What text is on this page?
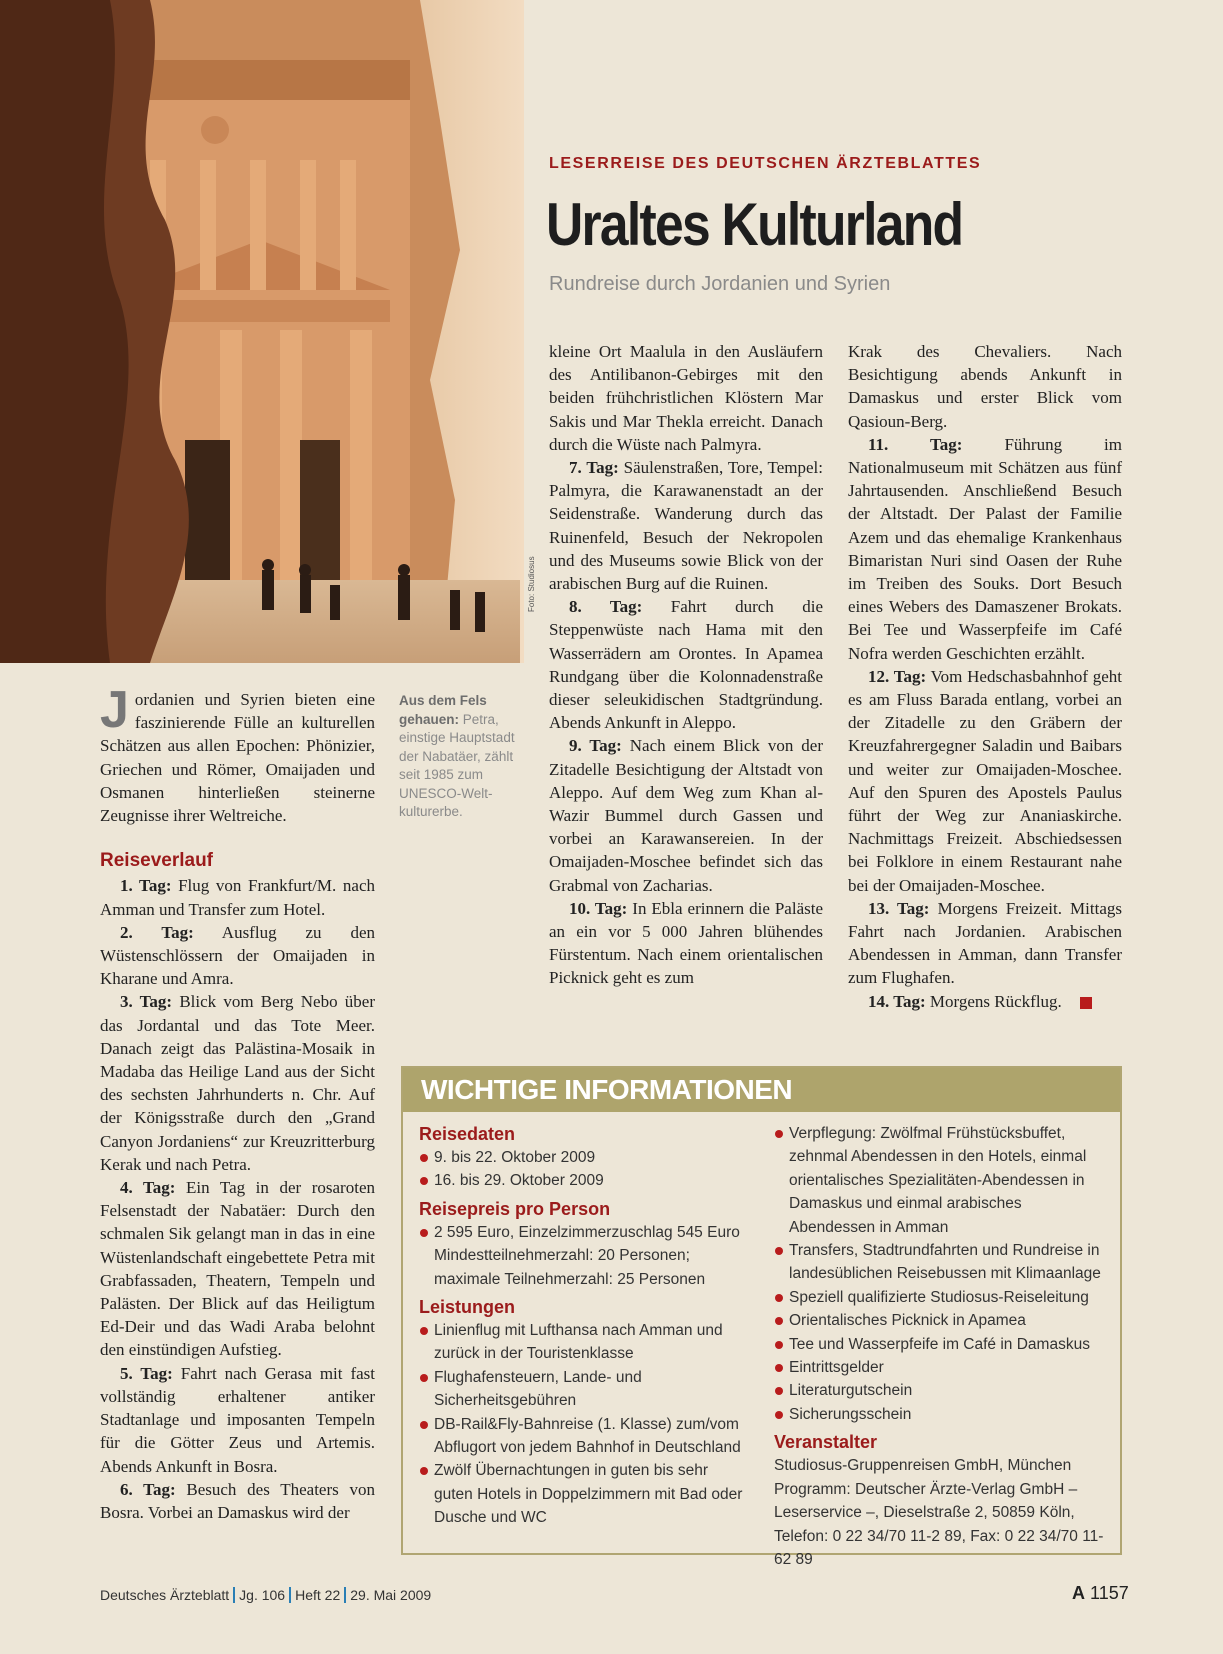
Foto: Studiosus
LESERREISE DES DEUTSCHEN ÄRZTEBLATTES
Uraltes Kulturland
Rundreise durch Jordanien und Syrien
Aus dem Fels gehauen: Petra, einstige Hauptstadt der Nabatäer, zählt seit 1985 zum UNESCO-Welt-kulturerbe.

Jordanien und Syrien bieten eine faszinierende Fülle an kulturellen Schätzen aus allen Epochen: Phönizier, Griechen und Römer, Omaijaden und Osmanen hinterließen steinerne Zeugnisse ihrer Weltreiche.

Reiseverlauf

1. Tag: Flug von Frankfurt/M. nach Amman und Transfer zum Hotel.

2. Tag: Ausflug zu den Wüstenschlössern der Omaijaden in Kharane und Amra.

3. Tag: Blick vom Berg Nebo über das Jordantal und das Tote Meer. Danach zeigt das Palästina-Mosaik in Madaba das Heilige Land aus der Sicht des sechsten Jahrhunderts n. Chr. Auf der Königsstraße durch den „Grand Canyon Jordaniens“ zur Kreuzritterburg Kerak und nach Petra.

4. Tag: Ein Tag in der rosaroten Felsenstadt der Nabatäer: Durch den schmalen Sik gelangt man in das in eine Wüstenlandschaft eingebettete Petra mit Grabfassaden, Theatern, Tempeln und Palästen. Der Blick auf das Heiligtum Ed-Deir und das Wadi Araba belohnt den einstündigen Aufstieg.

5. Tag: Fahrt nach Gerasa mit fast vollständig erhaltener antiker Stadtanlage und imposanten Tempeln für die Götter Zeus und Artemis. Abends Ankunft in Bosra.

6. Tag: Besuch des Theaters von Bosra. Vorbei an Damaskus wird der

kleine Ort Maalula in den Ausläufern des Antilibanon-Gebirges mit den beiden frühchristlichen Klöstern Mar Sakis und Mar Thekla erreicht. Danach durch die Wüste nach Palmyra.

7. Tag: Säulenstraßen, Tore, Tempel: Palmyra, die Karawanenstadt an der Seidenstraße. Wanderung durch das Ruinenfeld, Besuch der Nekropolen und des Museums sowie Blick von der arabischen Burg auf die Ruinen.

8. Tag: Fahrt durch die Steppenwüste nach Hama mit den Wasserrädern am Orontes. In Apamea Rundgang über die Kolonnadenstraße dieser seleukidischen Stadtgründung. Abends Ankunft in Aleppo.

9. Tag: Nach einem Blick von der Zitadelle Besichtigung der Altstadt von Aleppo. Auf dem Weg zum Khan al-Wazir Bummel durch Gassen und vorbei an Karawansereien. In der Omaijaden-Moschee befindet sich das Grabmal von Zacharias.

10. Tag: In Ebla erinnern die Paläste an ein vor 5 000 Jahren blühendes Fürstentum. Nach einem orientalischen Picknick geht es zum

Krak des Chevaliers. Nach Besichtigung abends Ankunft in Damaskus und erster Blick vom Qasioun-Berg.

11. Tag: Führung im Nationalmuseum mit Schätzen aus fünf Jahrtausenden. Anschließend Besuch der Altstadt. Der Palast der Familie Azem und das ehemalige Krankenhaus Bimaristan Nuri sind Oasen der Ruhe im Treiben des Souks. Dort Besuch eines Webers des Damaszener Brokats. Bei Tee und Wasserpfeife im Café Nofra werden Geschichten erzählt.

12. Tag: Vom Hedschasbahnhof geht es am Fluss Barada entlang, vorbei an der Zitadelle zu den Gräbern der Kreuzfahrergegner Saladin und Baibars und weiter zur Omaijaden-Moschee. Auf den Spuren des Apostels Paulus führt der Weg zur Ananiaskirche. Nachmittags Freizeit. Abschiedsessen bei Folklore in einem Restaurant nahe bei der Omaijaden-Moschee.

13. Tag: Morgens Freizeit. Mittags Fahrt nach Jordanien. Arabischen Abendessen in Amman, dann Transfer zum Flughafen.

14. Tag: Morgens Rückflug.

WICHTIGE INFORMATIONEN
Reisedaten
9. bis 22. Oktober 2009
16. bis 29. Oktober 2009
Reisepreis pro Person
2 595 Euro, Einzelzimmerzuschlag 545 Euro Mindestteilnehmerzahl: 20 Personen; maximale Teilnehmerzahl: 25 Personen
Leistungen
Linienflug mit Lufthansa nach Amman und zurück in der Touristenklasse
Flughafensteuern, Lande- und Sicherheitsgebühren
DB-Rail&Fly-Bahnreise (1. Klasse) zum/vom Abflugort von jedem Bahnhof in Deutschland
Zwölf Übernachtungen in guten bis sehr guten Hotels in Doppelzimmern mit Bad oder Dusche und WC
Verpflegung: Zwölfmal Frühstücksbuffet, zehnmal Abendessen in den Hotels, einmal orientalisches Spezialitäten-Abendessen in Damaskus und einmal arabisches Abendessen in Amman
Transfers, Stadtrundfahrten und Rundreise in landesüblichen Reisebussen mit Klimaanlage
Speziell qualifizierte Studiosus-Reiseleitung
Orientalisches Picknick in Apamea
Tee und Wasserpfeife im Café in Damaskus
Eintrittsgelder
Literaturgutschein
Sicherungsschein
Veranstalter
Studiosus-Gruppenreisen GmbH, München Programm: Deutscher Ärzte-Verlag GmbH – Leserservice –, Dieselstraße 2, 50859 Köln, Telefon: 0 22 34/70 11-2 89, Fax: 0 22 34/70 11-62 89
Deutsches Ärzteblatt Jg. 106 Heft 22 29. Mai 2009	A 1157
